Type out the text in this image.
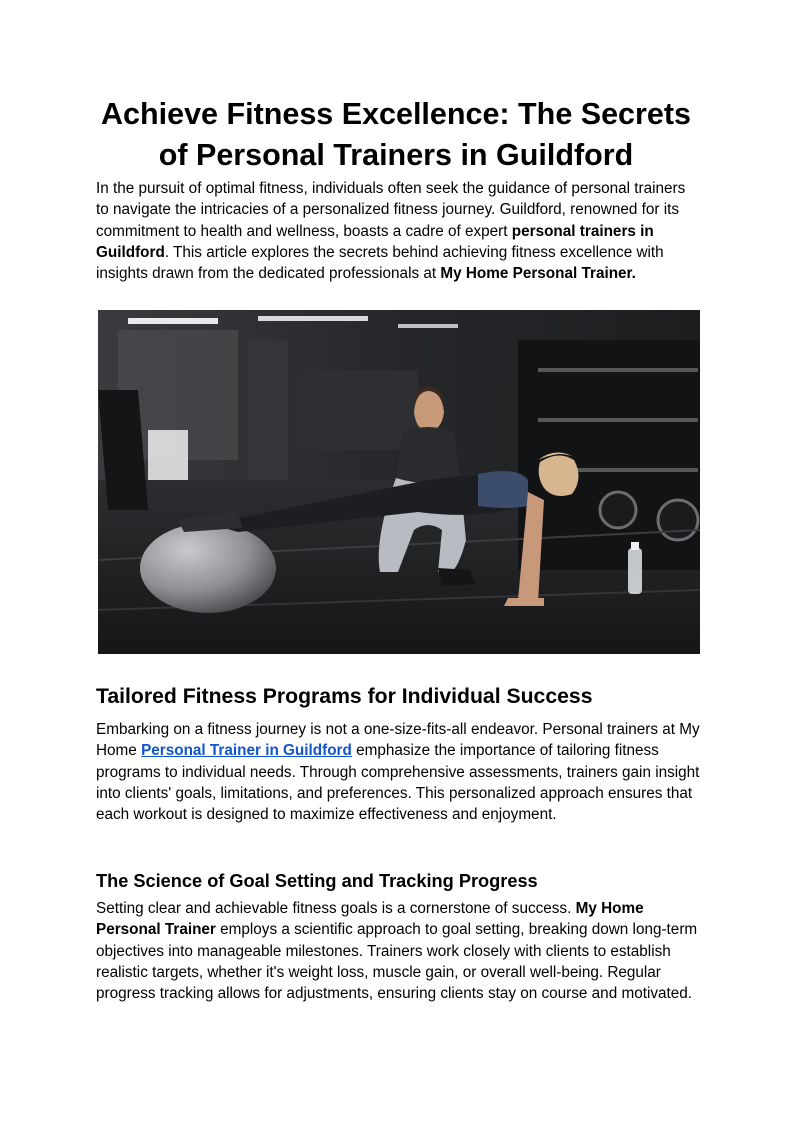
Achieve Fitness Excellence: The Secrets of Personal Trainers in Guildford

In the pursuit of optimal fitness, individuals often seek the guidance of personal trainers to navigate the intricacies of a personalized fitness journey. Guildford, renowned for its commitment to health and wellness, boasts a cadre of expert personal trainers in Guildford. This article explores the secrets behind achieving fitness excellence with insights drawn from the dedicated professionals at My Home Personal Trainer.

Tailored Fitness Programs for Individual Success

Embarking on a fitness journey is not a one-size-fits-all endeavor. Personal trainers at My Home Personal Trainer in Guildford emphasize the importance of tailoring fitness programs to individual needs. Through comprehensive assessments, trainers gain insight into clients' goals, limitations, and preferences. This personalized approach ensures that each workout is designed to maximize effectiveness and enjoyment.

The Science of Goal Setting and Tracking Progress

Setting clear and achievable fitness goals is a cornerstone of success. My Home Personal Trainer employs a scientific approach to goal setting, breaking down long-term objectives into manageable milestones. Trainers work closely with clients to establish realistic targets, whether it's weight loss, muscle gain, or overall well-being. Regular progress tracking allows for adjustments, ensuring clients stay on course and motivated.
